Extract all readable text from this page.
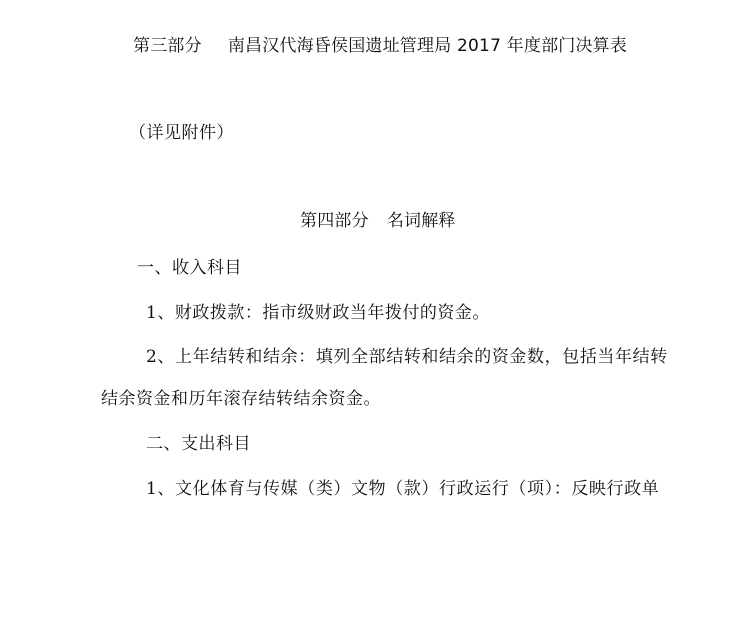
第三部分 南昌汉代海昏侯国遗址管理局 2017 年度部门决算表
（详见附件）
第四部分 名词解释
一、收入科目
1、财政拨款：指市级财政当年拨付的资金。
2、上年结转和结余：填列全部结转和结余的资金数，包括当年结转
结余资金和历年滚存结转结余资金。
二、支出科目
1、文化体育与传媒（类）文物（款）行政运行（项）：反映行政单
